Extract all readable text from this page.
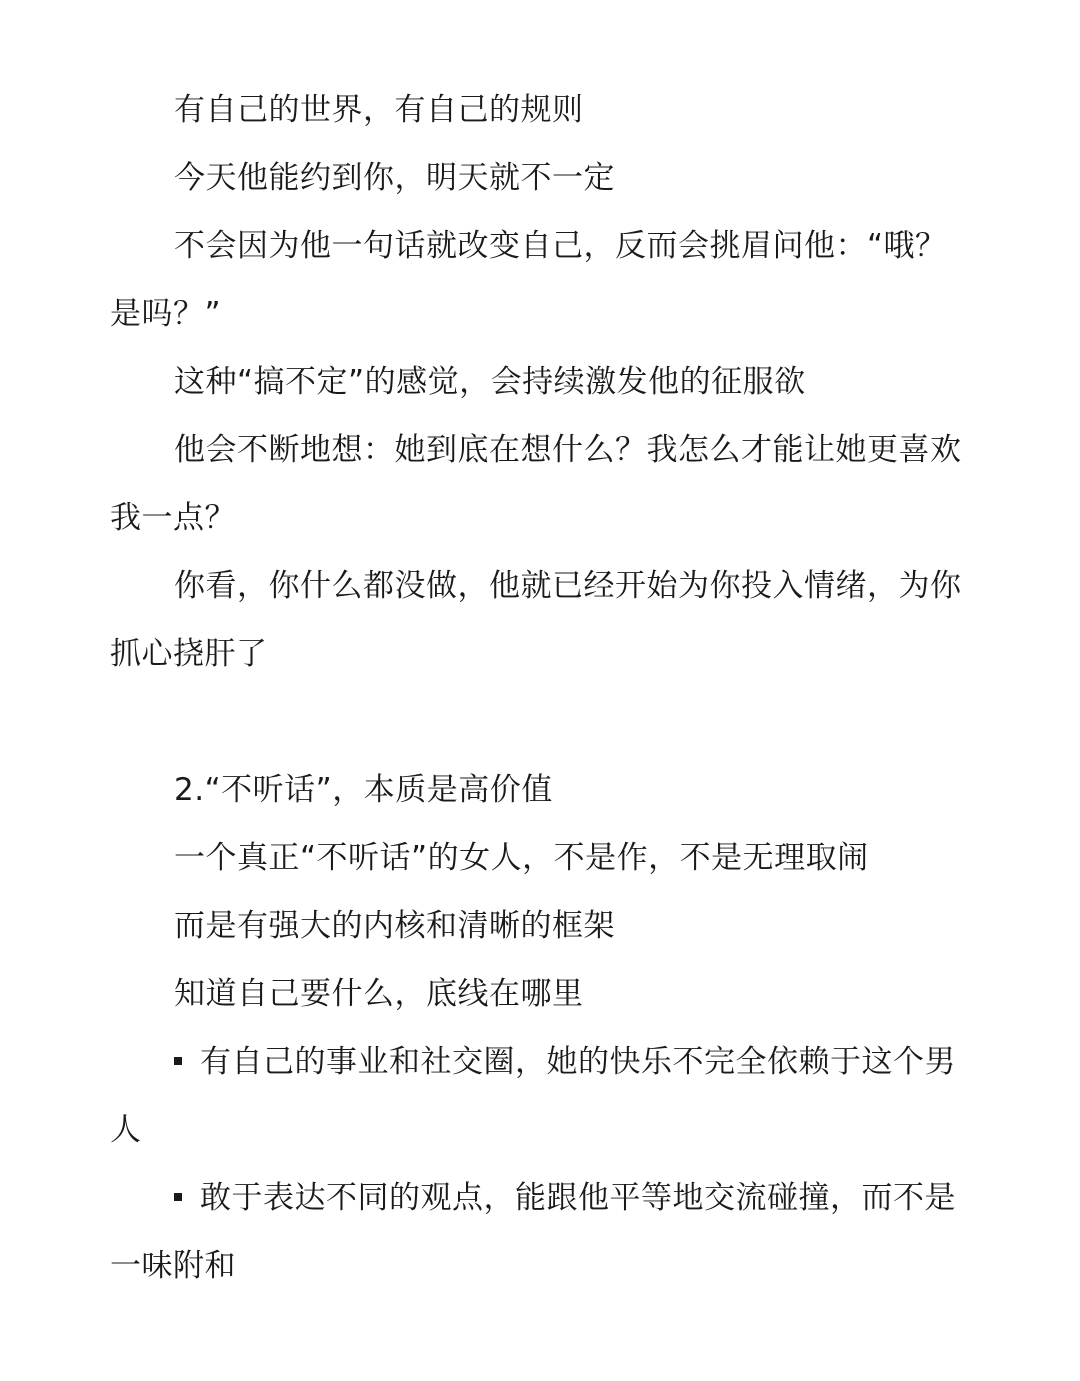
有自己的世界，有自己的规则

今天他能约到你，明天就不一定

不会因为他一句话就改变自己，反而会挑眉问他：“哦？是吗？”

这种“搞不定”的感觉，会持续激发他的征服欲

他会不断地想：她到底在想什么？我怎么才能让她更喜欢我一点？

你看，你什么都没做，他就已经开始为你投入情绪，为你抓心挠肝了

2.“不听话”，本质是高价值

一个真正“不听话”的女人，不是作，不是无理取闹

而是有强大的内核和清晰的框架

知道自己要什么，底线在哪里

有自己的事业和社交圈，她的快乐不完全依赖于这个男人

敢于表达不同的观点，能跟他平等地交流碰撞，而不是一味附和
